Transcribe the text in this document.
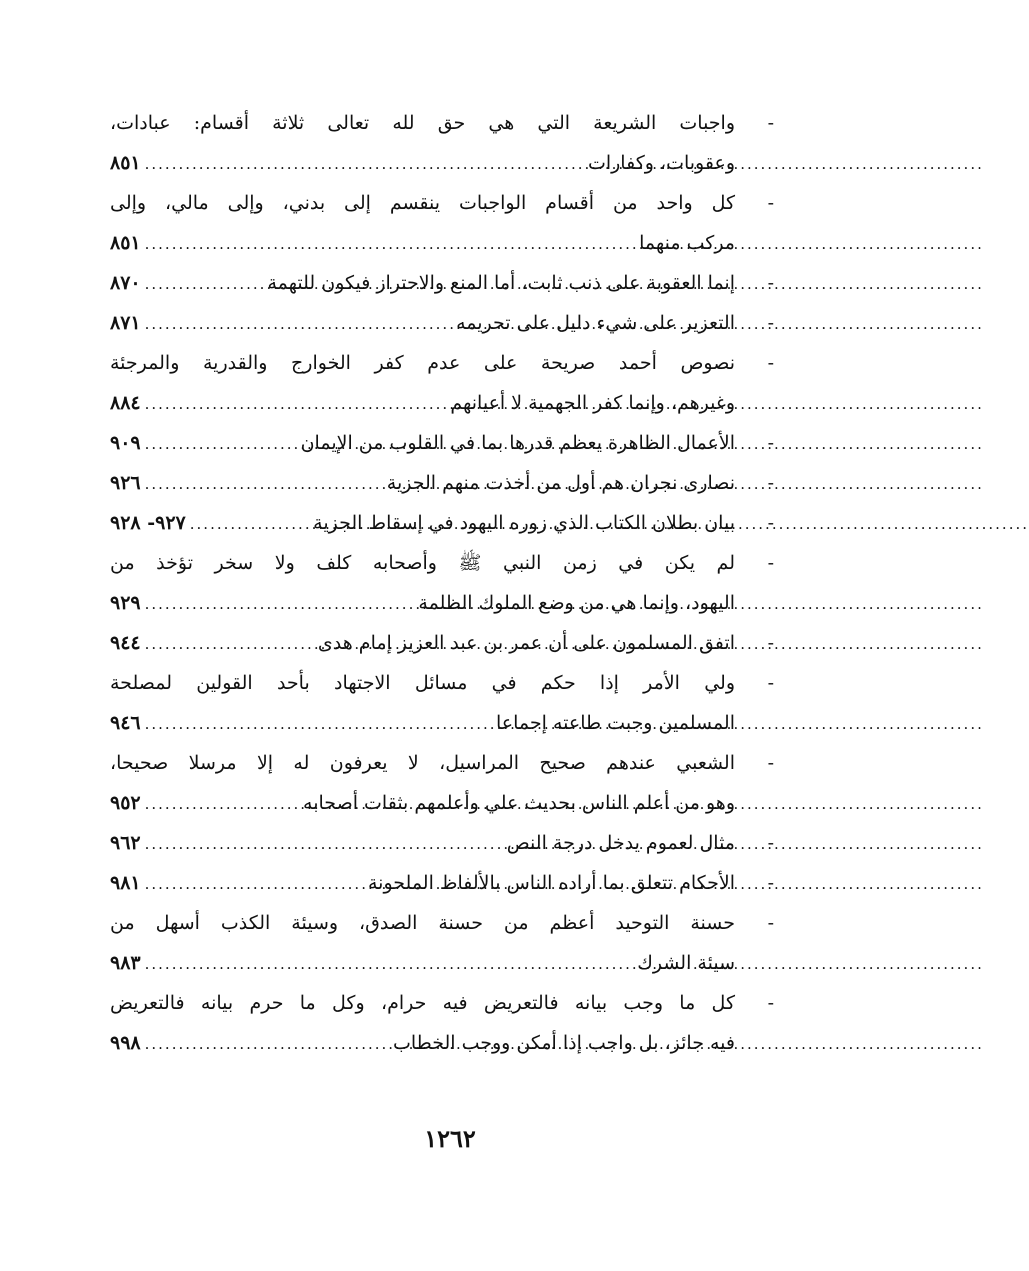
-
واجبات الشريعة التي هي حق لله تعالى ثلاثة أقسام: عبادات،
وعقوبات، وكفارات
.....
٨٥١
-
كل واحد من أقسام الواجبات ينقسم إلى بدني، وإلى مالي، وإلى
مركب منهما
.....
٨٥١
-
إنما العقوبة على ذنب ثابت، أما المنع والاحتراز فيكون للتهمة
.....
٨٧٠
-
التعزير على شيء دليل على تحريمه
.....
٨٧١
-
نصوص أحمد صريحة على عدم كفر الخوارج والقدرية والمرجئة
وغيرهم، وإنما كفر الجهمية لا أعيانهم
.....
٨٨٤
-
الأعمال الظاهرة يعظم قدرها بما في القلوب من الإيمان
.....
٩٠٩
-
نصارى نجران هم أول من أخذت منهم الجزية
.....
٩٢٦
-
بيان بطلان الكتاب الذي زوره اليهود في إسقاط الجزية
.....
٩٢٧- ٩٢٨
-
لم يكن في زمن النبي ﷺ وأصحابه كلف ولا سخر تؤخذ من
اليهود، وإنما هي من وضع الملوك الظلمة
.....
٩٢٩
-
اتفق المسلمون على أن عمر بن عبد العزيز إمام هدى
.....
٩٤٤
-
ولي الأمر إذا حكم في مسائل الاجتهاد بأحد القولين لمصلحة
المسلمين وجبت طاعته إجماعا
.....
٩٤٦
-
الشعبي عندهم صحيح المراسيل، لا يعرفون له إلا مرسلا صحيحا،
وهو من أعلم الناس بحديث علي وأعلمهم بثقات أصحابه
.....
٩٥٢
-
مثال لعموم يدخل درجة النص
.....
٩٦٢
-
الأحكام تتعلق بما أراده الناس بالألفاظ الملحونة
.....
٩٨١
-
حسنة التوحيد أعظم من حسنة الصدق، وسيئة الكذب أسهل من
سيئة الشرك
.....
٩٨٣
-
كل ما وجب بيانه فالتعريض فيه حرام، وكل ما حرم بيانه فالتعريض
فيه جائز، بل واجب إذا أمكن ووجب الخطاب
.....
٩٩٨
١٢٦٢
